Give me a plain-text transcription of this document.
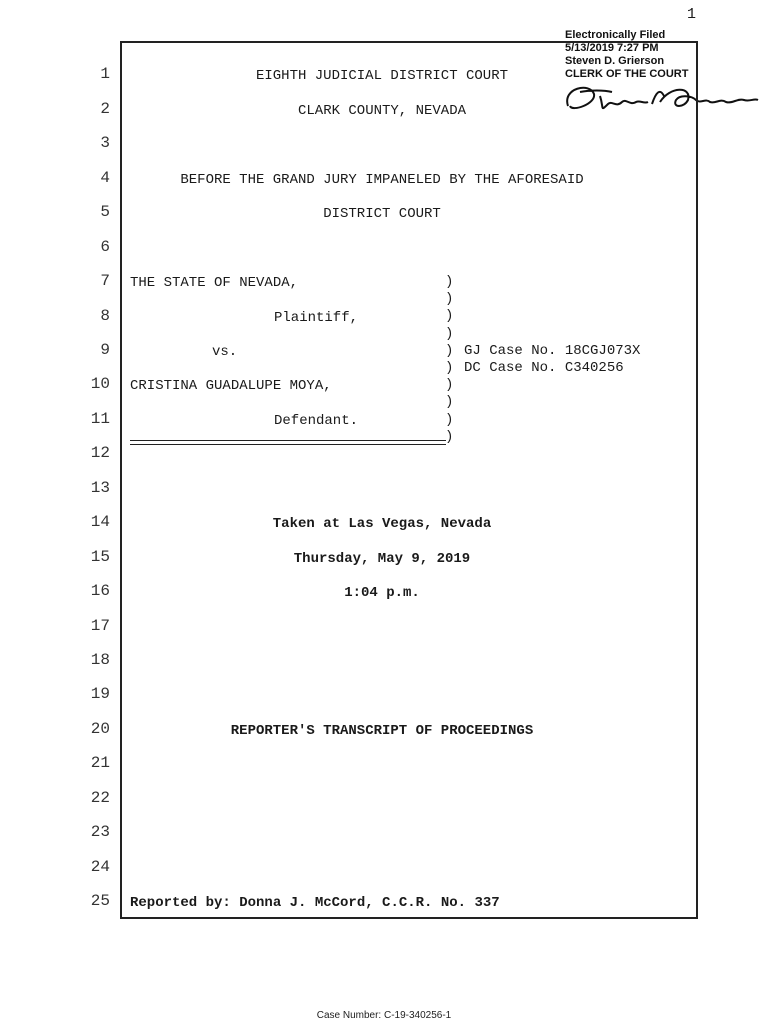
1
Electronically Filed
5/13/2019 7:27 PM
Steven D. Grierson
CLERK OF THE COURT
1
2
3
4
5
6
7
8
9
10
11
12
13
14
15
16
17
18
19
20
21
22
23
24
25
EIGHTH JUDICIAL DISTRICT COURT
CLARK COUNTY, NEVADA
BEFORE THE GRAND JURY IMPANELED BY THE AFORESAID
DISTRICT COURT
THE STATE OF NEVADA,
Plaintiff,
vs.
CRISTINA GUADALUPE MOYA,
Defendant.
)
)
)
)
)
)
)
)
)
)
GJ Case No. 18CGJ073X
DC Case No. C340256
Taken at Las Vegas, Nevada
Thursday, May 9, 2019
1:04 p.m.
REPORTER'S TRANSCRIPT OF PROCEEDINGS
Reported by: Donna J. McCord, C.C.R. No. 337
Case Number: C-19-340256-1
